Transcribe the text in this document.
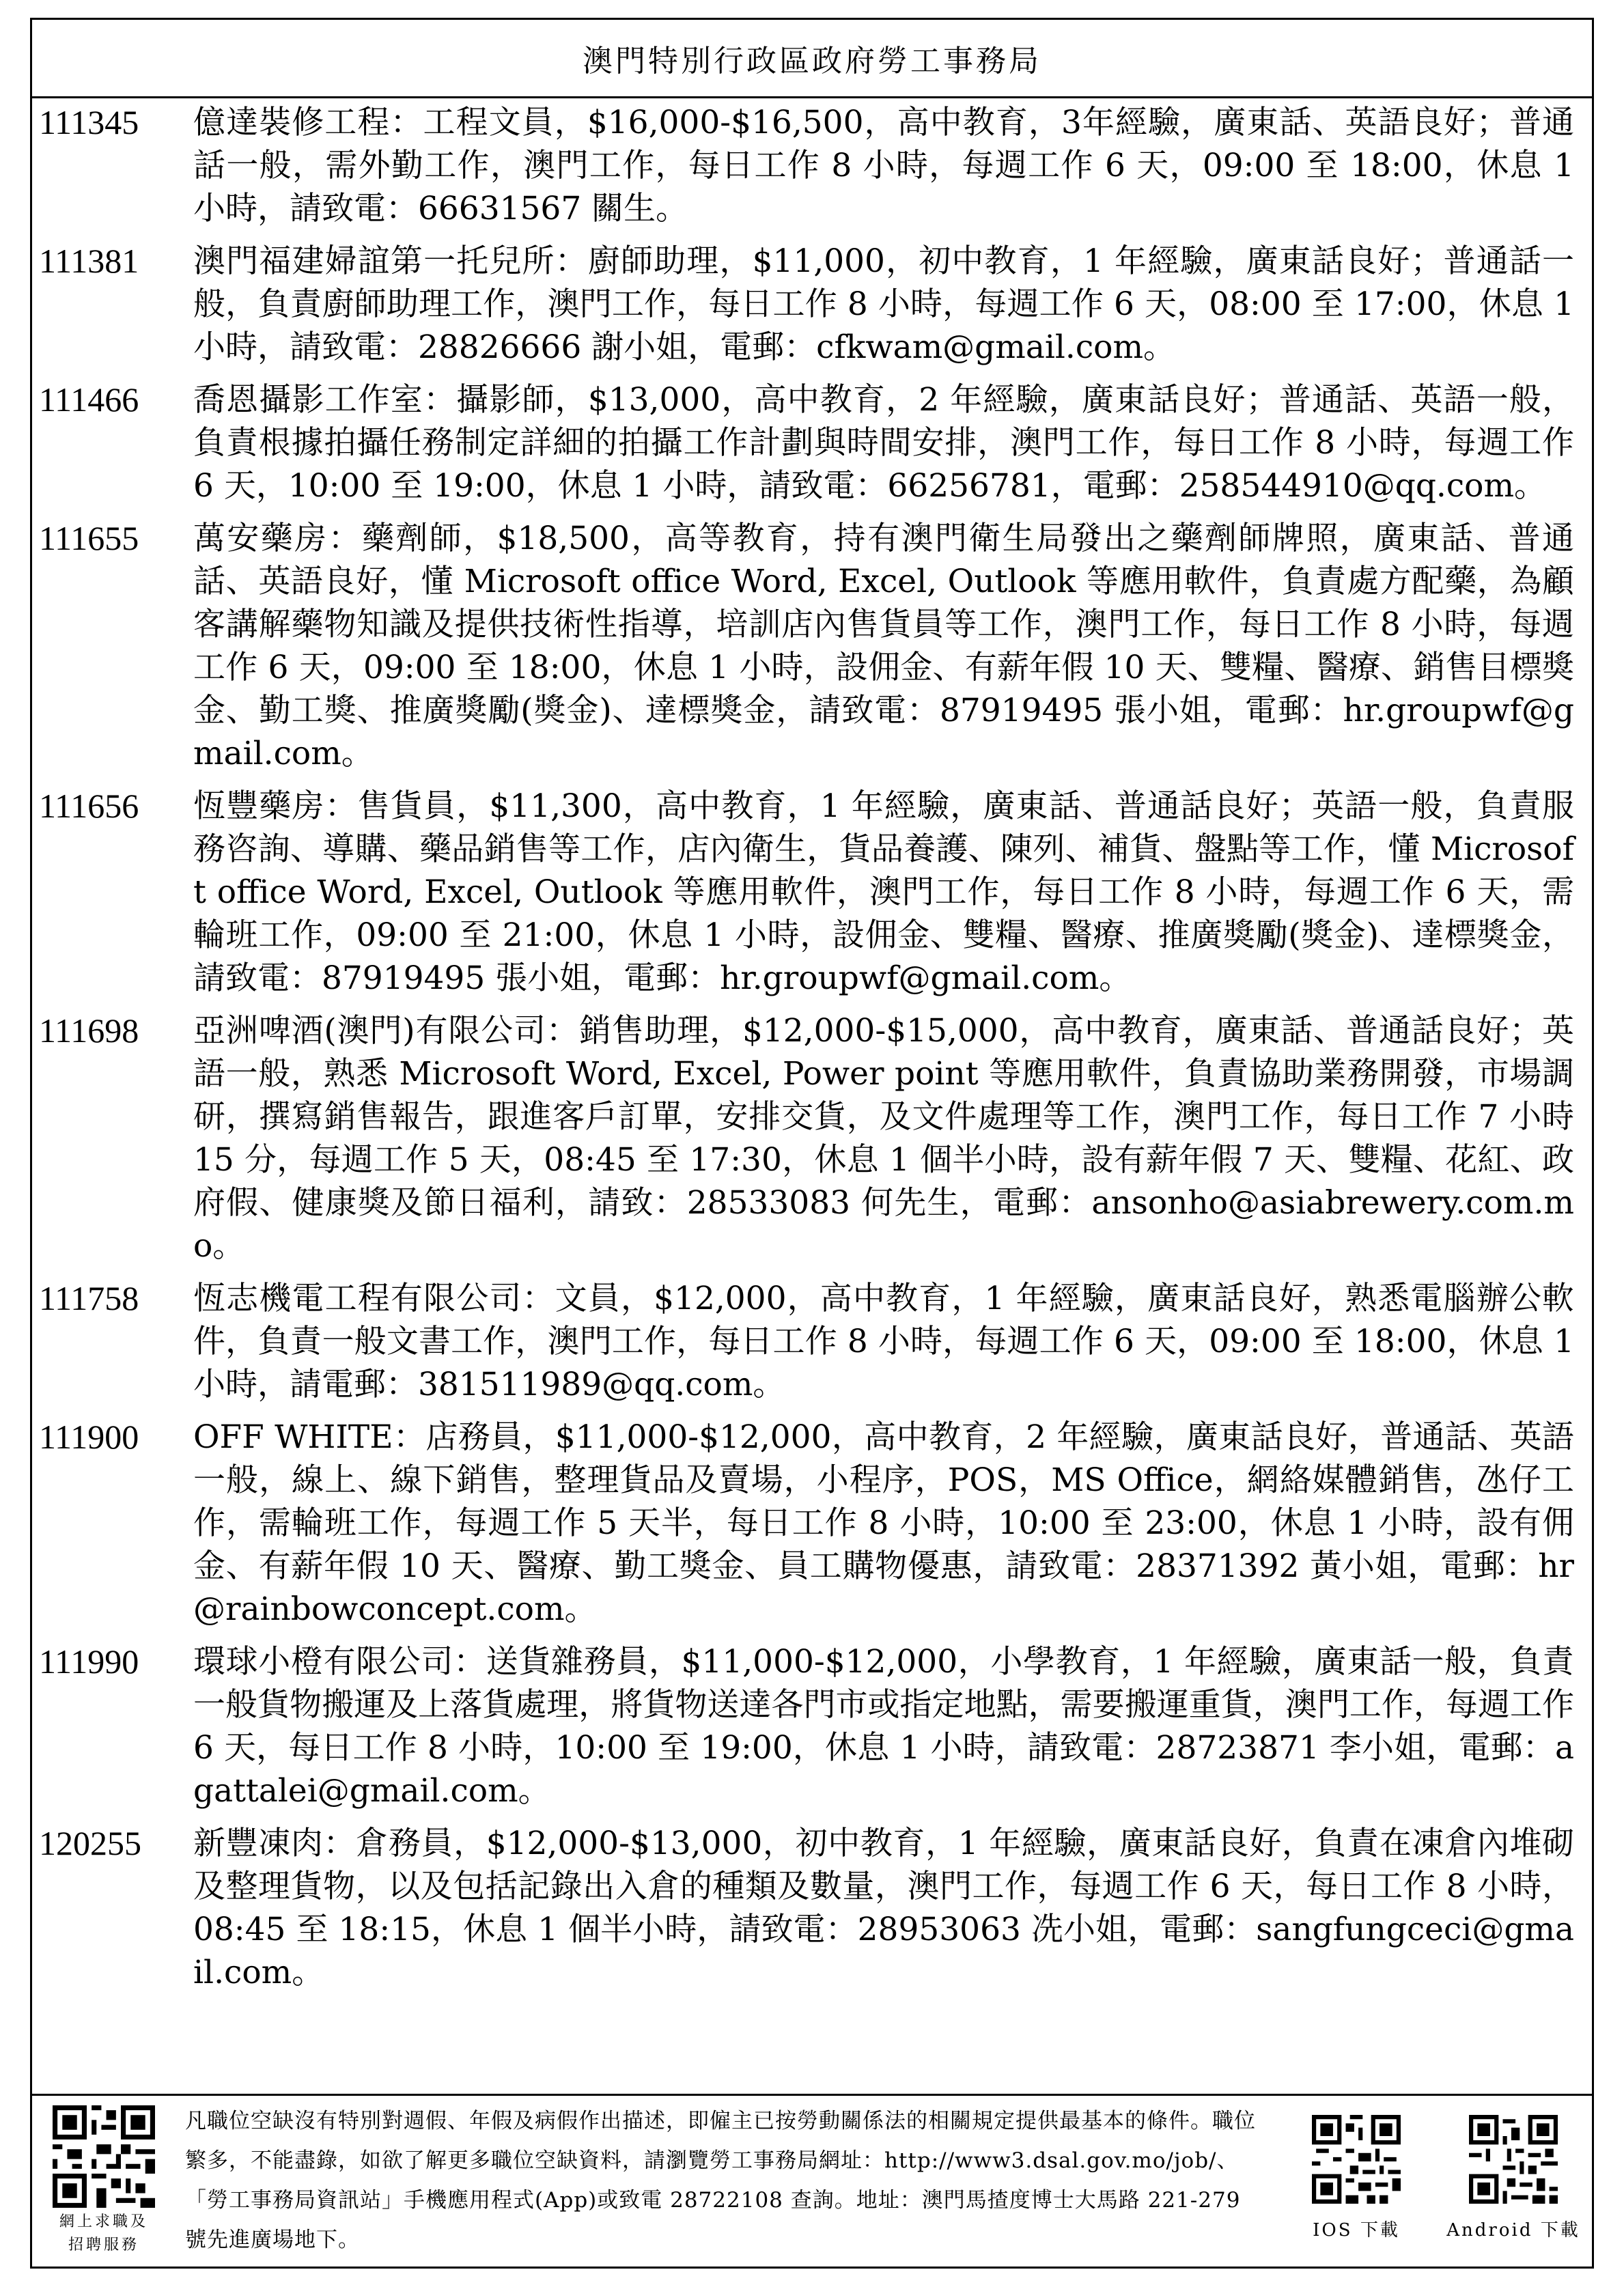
澳門特別行政區政府勞工事務局
111345	億達裝修工程：工程文員，$16,000-$16,500，高中教育，3年經驗，廣東話、英語良好；普通話一般，需外勤工作，澳門工作，每日工作 8 小時，每週工作 6 天，09:00 至 18:00，休息 1 小時，請致電：66631567 關生。
111381	澳門福建婦誼第一托兒所：廚師助理，$11,000，初中教育，1 年經驗，廣東話良好；普通話一般，負責廚師助理工作，澳門工作，每日工作 8 小時，每週工作 6 天，08:00 至 17:00，休息 1 小時，請致電：28826666 謝小姐，電郵：cfkwam@gmail.com。
111466	喬恩攝影工作室：攝影師，$13,000，高中教育，2 年經驗，廣東話良好；普通話、英語一般，負責根據拍攝任務制定詳細的拍攝工作計劃與時間安排，澳門工作，每日工作 8 小時，每週工作 6 天，10:00 至 19:00，休息 1 小時，請致電：66256781，電郵：258544910@qq.com。
111655	萬安藥房：藥劑師，$18,500，高等教育，持有澳門衛生局發出之藥劑師牌照，廣東話、普通話、英語良好，懂 Microsoft office Word, Excel, Outlook 等應用軟件，負責處方配藥，為顧客講解藥物知識及提供技術性指導，培訓店內售貨員等工作，澳門工作，每日工作 8 小時，每週工作 6 天，09:00 至 18:00，休息 1 小時，設佣金、有薪年假 10 天、雙糧、醫療、銷售目標獎金、勤工獎、推廣獎勵(獎金)、達標獎金，請致電：87919495 張小姐，電郵：hr.groupwf@gmail.com。
111656	恆豐藥房：售貨員，$11,300，高中教育，1 年經驗，廣東話、普通話良好；英語一般，負責服務咨詢、導購、藥品銷售等工作，店內衛生，貨品養護、陳列、補貨、盤點等工作，懂 Microsoft office Word, Excel, Outlook 等應用軟件，澳門工作，每日工作 8 小時，每週工作 6 天，需輪班工作，09:00 至 21:00，休息 1 小時，設佣金、雙糧、醫療、推廣獎勵(獎金)、達標獎金，請致電：87919495 張小姐，電郵：hr.groupwf@gmail.com。
111698	亞洲啤酒(澳門)有限公司：銷售助理，$12,000-$15,000，高中教育，廣東話、普通話良好；英語一般，熟悉 Microsoft Word, Excel, Power point 等應用軟件，負責協助業務開發，市場調研，撰寫銷售報告，跟進客戶訂單，安排交貨，及文件處理等工作，澳門工作，每日工作 7 小時 15 分，每週工作 5 天，08:45 至 17:30，休息 1 個半小時，設有薪年假 7 天、雙糧、花紅、政府假、健康獎及節日福利，請致：28533083 何先生，電郵：ansonho@asiabrewery.com.mo。
111758	恆志機電工程有限公司：文員，$12,000，高中教育，1 年經驗，廣東話良好，熟悉電腦辦公軟件，負責一般文書工作，澳門工作，每日工作 8 小時，每週工作 6 天，09:00 至 18:00，休息 1 小時，請電郵：381511989@qq.com。
111900	OFF WHITE：店務員，$11,000-$12,000，高中教育，2 年經驗，廣東話良好，普通話、英語一般，線上、線下銷售，整理貨品及賣場，小程序，POS，MS Office，網絡媒體銷售，氹仔工作，需輪班工作，每週工作 5 天半，每日工作 8 小時，10:00 至 23:00，休息 1 小時，設有佣金、有薪年假 10 天、醫療、勤工獎金、員工購物優惠，請致電：28371392 黃小姐，電郵：hr@rainbowconcept.com。
111990	環球小橙有限公司：送貨雜務員，$11,000-$12,000，小學教育，1 年經驗，廣東話一般，負責一般貨物搬運及上落貨處理，將貨物送達各門市或指定地點，需要搬運重貨，澳門工作，每週工作 6 天，每日工作 8 小時，10:00 至 19:00，休息 1 小時，請致電：28723871 李小姐，電郵：agattalei@gmail.com。
120255	新豐凍肉：倉務員，$12,000-$13,000，初中教育，1 年經驗，廣東話良好，負責在凍倉內堆砌及整理貨物，以及包括記錄出入倉的種類及數量，澳門工作，每週工作 6 天，每日工作 8 小時，08:45 至 18:15，休息 1 個半小時，請致電：28953063 冼小姐，電郵：sangfungceci@gmail.com。
網上求職及
招聘服務
凡職位空缺沒有特別對週假、年假及病假作出描述，即僱主已按勞動關係法的相關規定提供最基本的條件。職位繁多，不能盡錄，如欲了解更多職位空缺資料，請瀏覽勞工事務局網址：http://www3.dsal.gov.mo/job/、「勞工事務局資訊站」手機應用程式(App)或致電 28722108 查詢。地址：澳門馬揸度博士大馬路 221-279 號先進廣場地下。	IOS 下載	Android 下載
